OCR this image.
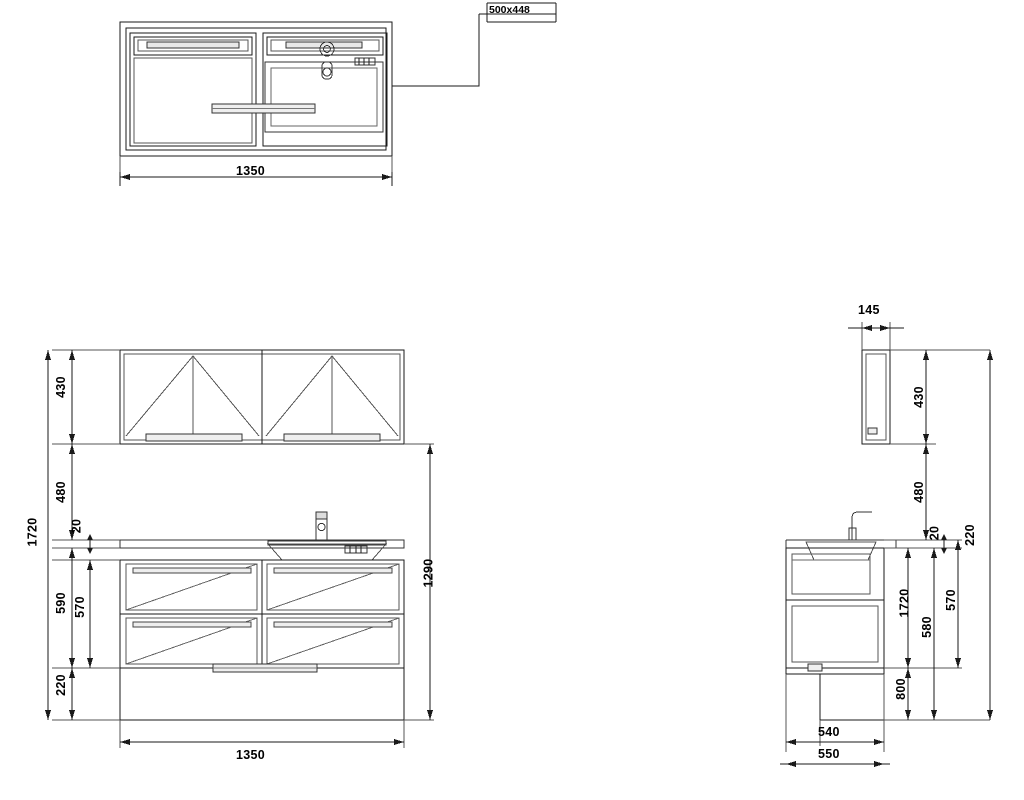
500x448
1350
430
480
20
1720
590 570
220
1290
1350
145
430
480
20
1720	570
580
800
220
540
550
